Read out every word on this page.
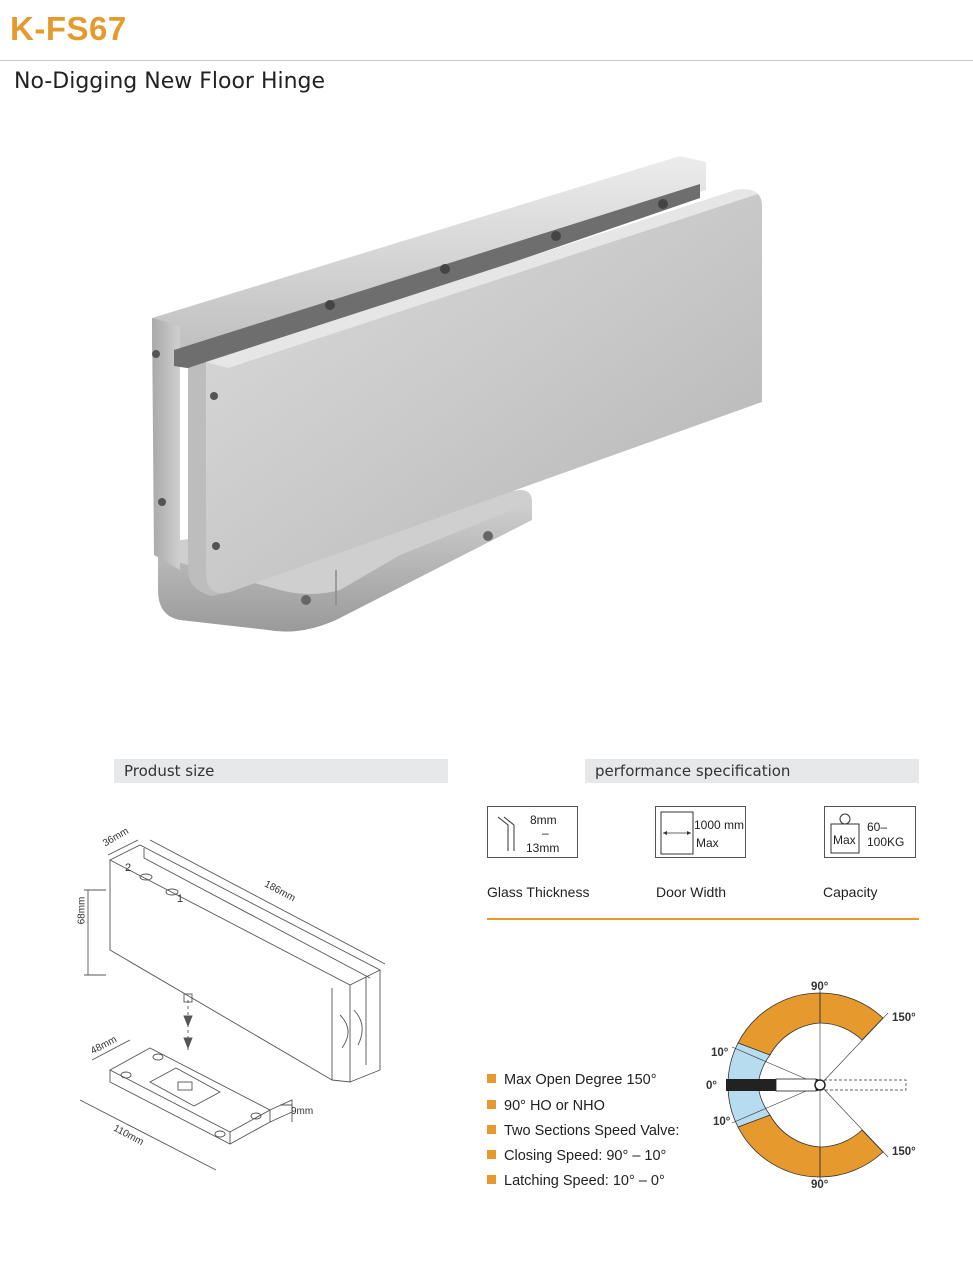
K-FS67
No-Digging New Floor Hinge
Produst size	performance specification
36mm
186mm
68mm
48mm
110mm
9mm
2
1
8mm
–
13mm
Glass Thickness
1000 mm
Max
Door Width
Max
60–
100KG
Capacity
Max Open Degree 150°
90° HO or NHO
Two Sections Speed Valve:
Closing Speed: 90° – 10°
Latching Speed: 10° – 0°
90°
150°
10°
0°
10°
150°
90°
